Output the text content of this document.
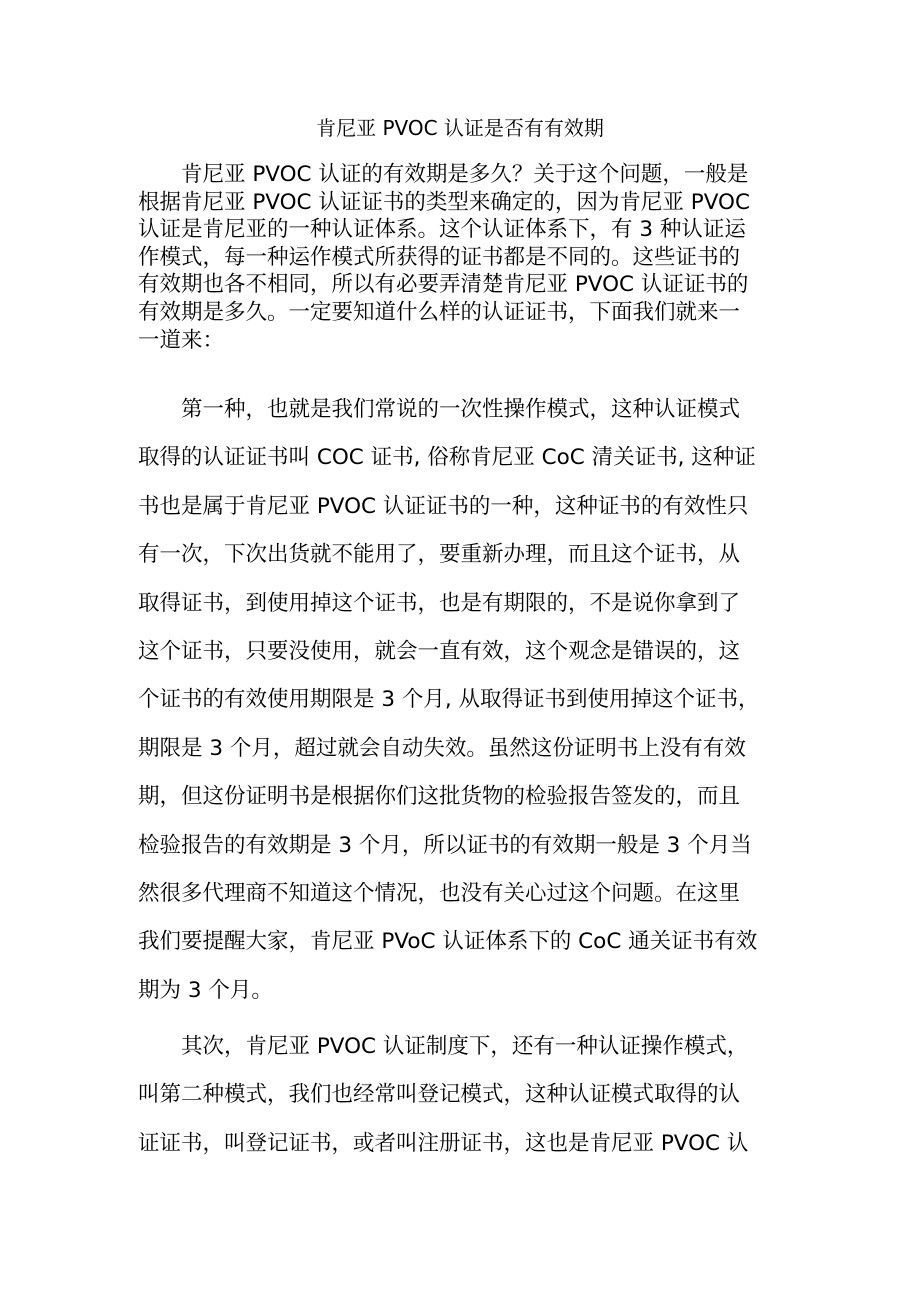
肯尼亚 PVOC 认证是否有有效期
肯尼亚 PVOC 认证的有效期是多久？关于这个问题，一般是
根据肯尼亚 PVOC 认证证书的类型来确定的，因为肯尼亚 PVOC
认证是肯尼亚的一种认证体系。这个认证体系下，有 3 种认证运
作模式，每一种运作模式所获得的证书都是不同的。这些证书的
有效期也各不相同，所以有必要弄清楚肯尼亚 PVOC 认证证书的
有效期是多久。一定要知道什么样的认证证书，下面我们就来一
一道来：
第一种，也就是我们常说的一次性操作模式，这种认证模式
取得的认证证书叫 COC 证书, 俗称肯尼亚 CoC 清关证书, 这种证
书也是属于肯尼亚 PVOC 认证证书的一种，这种证书的有效性只
有一次，下次出货就不能用了，要重新办理，而且这个证书，从
取得证书，到使用掉这个证书，也是有期限的，不是说你拿到了
这个证书，只要没使用，就会一直有效，这个观念是错误的，这
个证书的有效使用期限是 3 个月, 从取得证书到使用掉这个证书，
期限是 3 个月，超过就会自动失效。虽然这份证明书上没有有效
期，但这份证明书是根据你们这批货物的检验报告签发的，而且
检验报告的有效期是 3 个月，所以证书的有效期一般是 3 个月当
然很多代理商不知道这个情况，也没有关心过这个问题。在这里
我们要提醒大家，肯尼亚 PVoC 认证体系下的 CoC 通关证书有效
期为 3 个月。
其次，肯尼亚 PVOC 认证制度下，还有一种认证操作模式，
叫第二种模式，我们也经常叫登记模式，这种认证模式取得的认
证证书，叫登记证书，或者叫注册证书，这也是肯尼亚 PVOC 认
